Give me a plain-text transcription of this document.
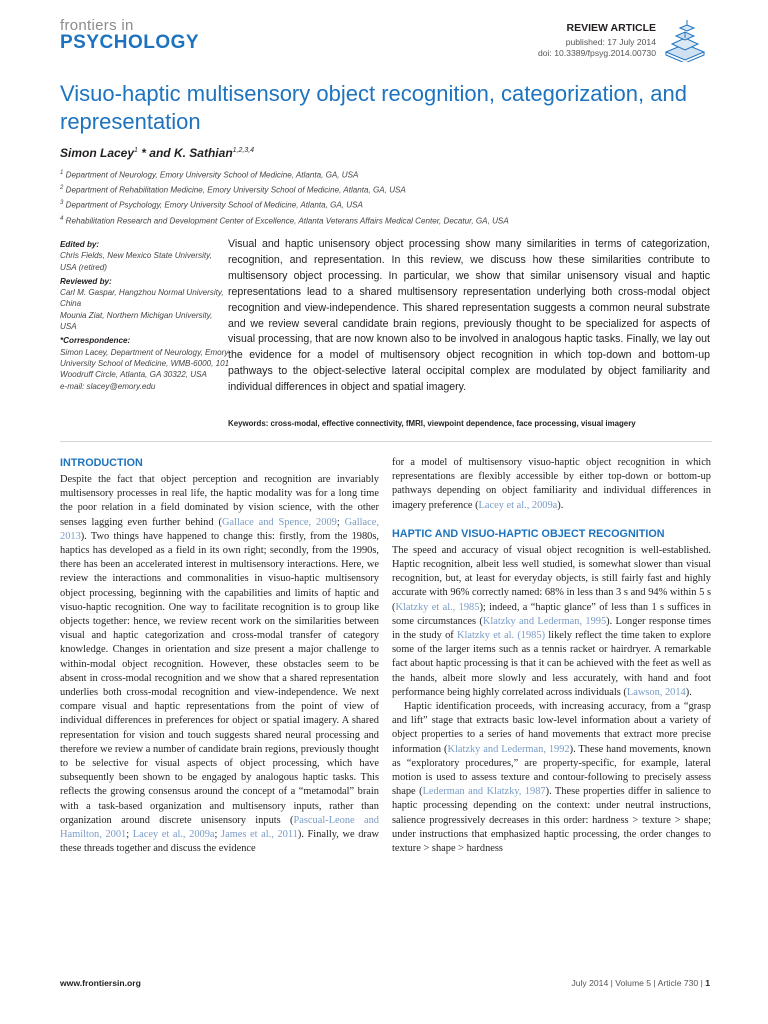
frontiers in
PSYCHOLOGY
REVIEW ARTICLE
published: 17 July 2014
doi: 10.3389/fpsyg.2014.00730
Visuo-haptic multisensory object recognition, categorization, and representation
Simon Lacey$^1$ * and K. Sathian$^{1,2,3,4}$
$^1$ Department of Neurology, Emory University School of Medicine, Atlanta, GA, USA
$^2$ Department of Rehabilitation Medicine, Emory University School of Medicine, Atlanta, GA, USA
$^3$ Department of Psychology, Emory University School of Medicine, Atlanta, GA, USA
$^4$ Rehabilitation Research and Development Center of Excellence, Atlanta Veterans Affairs Medical Center, Decatur, GA, USA
Edited by:
Chris Fields, New Mexico State University, USA (retired)
Reviewed by:
Carl M. Gaspar, Hangzhou Normal University, China
Mounia Ziat, Northern Michigan University, USA
*Correspondence:
Simon Lacey, Department of Neurology, Emory University School of Medicine, WMB-6000, 101 Woodruff Circle, Atlanta, GA 30322, USA
e-mail: slacey@emory.edu
Visual and haptic unisensory object processing show many similarities in terms of categorization, recognition, and representation. In this review, we discuss how these similarities contribute to multisensory object processing. In particular, we show that similar unisensory visual and haptic representations lead to a shared multisensory representation underlying both cross-modal object recognition and view-independence. This shared representation suggests a common neural substrate and we review several candidate brain regions, previously thought to be specialized for aspects of visual processing, that are now known also to be involved in analogous haptic tasks. Finally, we lay out the evidence for a model of multisensory object recognition in which top-down and bottom-up pathways to the object-selective lateral occipital complex are modulated by object familiarity and individual differences in object and spatial imagery.
Keywords: cross-modal, effective connectivity, fMRI, viewpoint dependence, face processing, visual imagery
INTRODUCTION

Despite the fact that object perception and recognition are invariably multisensory processes in real life, the haptic modality was for a long time the poor relation in a field dominated by vision science, with the other senses lagging even further behind (Gallace and Spence, 2009; Gallace, 2013). Two things have happened to change this: firstly, from the 1980s, haptics has developed as a field in its own right; secondly, from the 1990s, there has been an accelerated interest in multisensory interactions. Here, we review the interactions and commonalities in visuo-haptic multisensory object processing, beginning with the capabilities and limits of haptic and visuo-haptic recognition. One way to facilitate recognition is to group like objects together: hence, we review recent work on the similarities between visual and haptic categorization and cross-modal transfer of category knowledge. Changes in orientation and size present a major challenge to within-modal object recognition. However, these obstacles seem to be absent in cross-modal recognition and we show that a shared representation underlies both cross-modal recognition and view-independence. We next compare visual and haptic representations from the point of view of individual differences in preferences for object or spatial imagery. A shared representation for vision and touch suggests shared neural processing and therefore we review a number of candidate brain regions, previously thought to be selective for visual aspects of object processing, which have subsequently been shown to be engaged by analogous haptic tasks. This reflects the growing consensus around the concept of a “metamodal” brain with a task-based organization and multisensory inputs, rather than organization around discrete unisensory inputs (Pascual-Leone and Hamilton, 2001; Lacey et al., 2009a; James et al., 2011). Finally, we draw these threads together and discuss the evidence

for a model of multisensory visuo-haptic object recognition in which representations are flexibly accessible by either top-down or bottom-up pathways depending on object familiarity and individual differences in imagery preference (Lacey et al., 2009a).

HAPTIC AND VISUO-HAPTIC OBJECT RECOGNITION

The speed and accuracy of visual object recognition is well-established. Haptic recognition, albeit less well studied, is somewhat slower than visual recognition, but, at least for everyday objects, is still fairly fast and highly accurate with 96% correctly named: 68% in less than 3 s and 94% within 5 s (Klatzky et al., 1985); indeed, a “haptic glance” of less than 1 s suffices in some circumstances (Klatzky and Lederman, 1995). Longer response times in the study of Klatzky et al. (1985) likely reflect the time taken to explore some of the larger items such as a tennis racket or hairdryer. A remarkable fact about haptic processing is that it can be achieved with the feet as well as the hands, albeit more slowly and less accurately, with hand and foot performance being highly correlated across individuals (Lawson, 2014).

Haptic identification proceeds, with increasing accuracy, from a “grasp and lift” stage that extracts basic low-level information about a variety of object properties to a series of hand movements that extract more precise information (Klatzky and Lederman, 1992). These hand movements, known as “exploratory procedures,” are property-specific, for example, lateral motion is used to assess texture and contour-following to precisely assess shape (Lederman and Klatzky, 1987). These properties differ in salience to haptic processing depending on the context: under neutral instructions, salience progressively decreases in this order: hardness > texture > shape; under instructions that emphasized haptic processing, the order changes to texture > shape > hardness

www.frontiersin.org	July 2014 | Volume 5 | Article 730 | 1
